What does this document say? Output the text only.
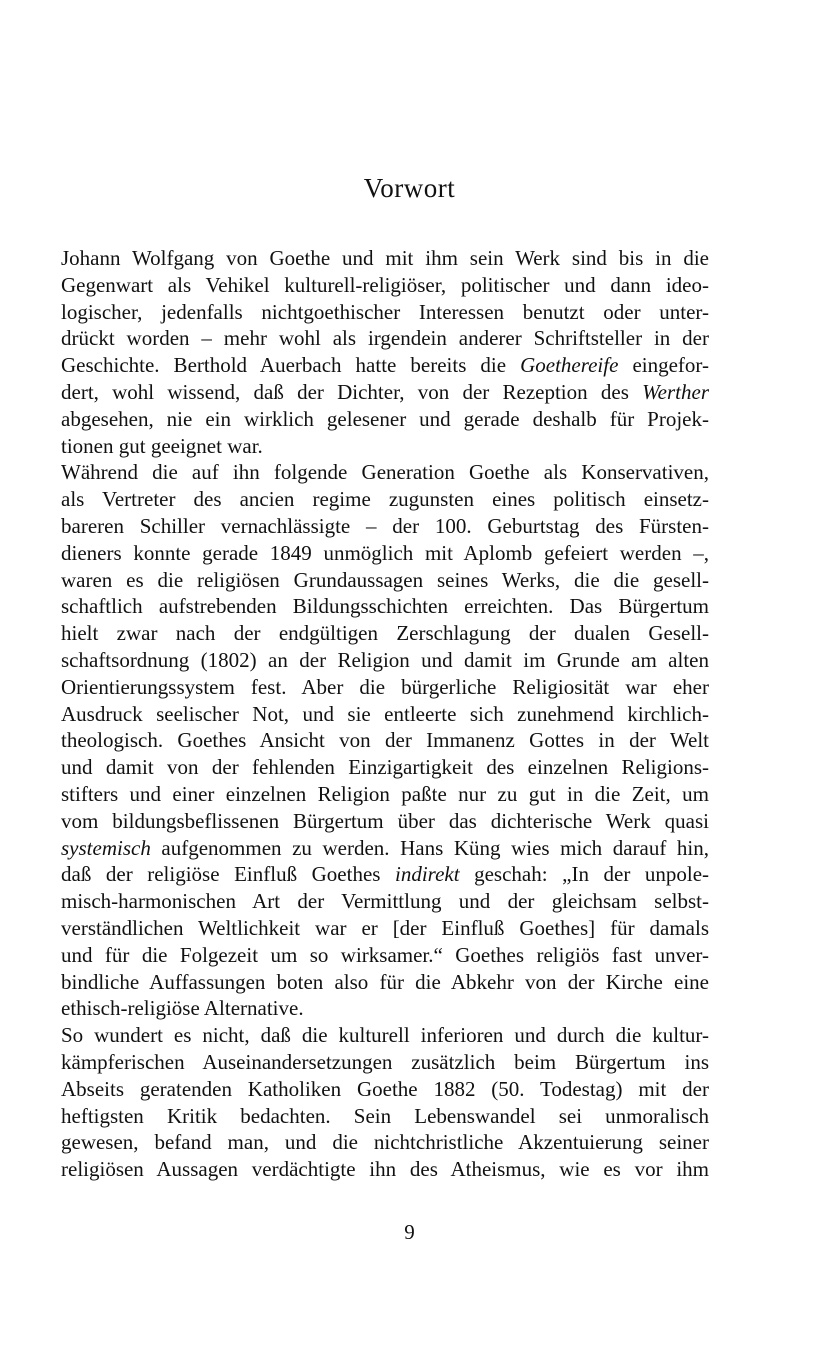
Vorwort
Johann Wolfgang von Goethe und mit ihm sein Werk sind bis in die
Gegenwart als Vehikel kulturell-religiöser, politischer und dann ideo-
logischer, jedenfalls nichtgoethischer Interessen benutzt oder unter-
drückt worden – mehr wohl als irgendein anderer Schriftsteller in der
Geschichte. Berthold Auerbach hatte bereits die Goethereife eingefor-
dert, wohl wissend, daß der Dichter, von der Rezeption des Werther
abgesehen, nie ein wirklich gelesener und gerade deshalb für Projek-
tionen gut geeignet war.
Während die auf ihn folgende Generation Goethe als Konservativen,
als Vertreter des ancien regime zugunsten eines politisch einsetz-
bareren Schiller vernachlässigte – der 100. Geburtstag des Fürsten-
dieners konnte gerade 1849 unmöglich mit Aplomb gefeiert werden –,
waren es die religiösen Grundaussagen seines Werks, die die gesell-
schaftlich aufstrebenden Bildungsschichten erreichten. Das Bürgertum
hielt zwar nach der endgültigen Zerschlagung der dualen Gesell-
schaftsordnung (1802) an der Religion und damit im Grunde am alten
Orientierungssystem fest. Aber die bürgerliche Religiosität war eher
Ausdruck seelischer Not, und sie entleerte sich zunehmend kirchlich-
theologisch. Goethes Ansicht von der Immanenz Gottes in der Welt
und damit von der fehlenden Einzigartigkeit des einzelnen Religions-
stifters und einer einzelnen Religion paßte nur zu gut in die Zeit, um
vom bildungsbeflissenen Bürgertum über das dichterische Werk quasi
systemisch aufgenommen zu werden. Hans Küng wies mich darauf hin,
daß der religiöse Einfluß Goethes indirekt geschah: „In der unpole-
misch-harmonischen Art der Vermittlung und der gleichsam selbst-
verständlichen Weltlichkeit war er [der Einfluß Goethes] für damals
und für die Folgezeit um so wirksamer.“ Goethes religiös fast unver-
bindliche Auffassungen boten also für die Abkehr von der Kirche eine
ethisch-religiöse Alternative.
So wundert es nicht, daß die kulturell inferioren und durch die kultur-
kämpferischen Auseinandersetzungen zusätzlich beim Bürgertum ins
Abseits geratenden Katholiken Goethe 1882 (50. Todestag) mit der
heftigsten Kritik bedachten. Sein Lebenswandel sei unmoralisch
gewesen, befand man, und die nichtchristliche Akzentuierung seiner
religiösen Aussagen verdächtigte ihn des Atheismus, wie es vor ihm
9
